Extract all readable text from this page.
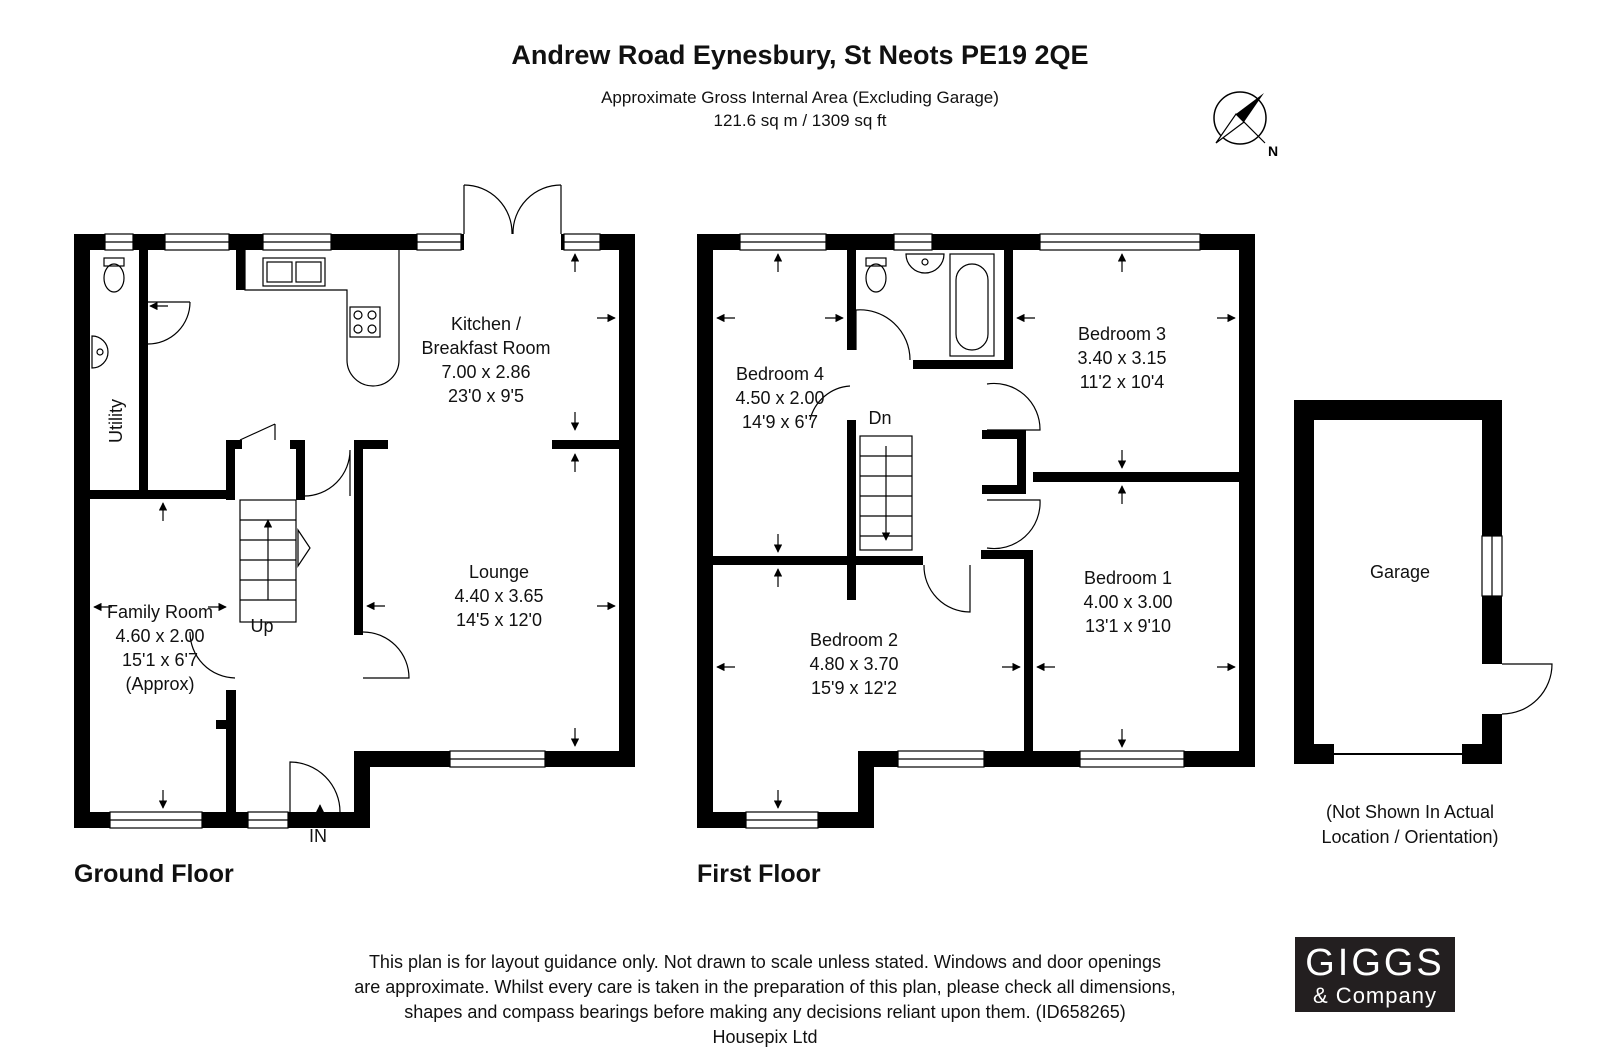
Andrew Road Eynesbury, St Neots PE19 2QE
Approximate Gross Internal Area (Excluding Garage)
121.6 sq m / 1309 sq ft
N
Kitchen /
Breakfast Room
7.00 x 2.86
23'0 x 9'5
Lounge
4.40 x 3.65
14'5 x 12'0
Family Room
4.60 x 2.00
15'1 x 6'7
(Approx)
Utility
Up
IN
Bedroom 4
4.50 x 2.00
14'9 x 6'7	Dn
Bedroom 3
3.40 x 3.15
11'2 x 10'4
Bedroom 2
4.80 x 3.70
15'9 x 12'2
Bedroom 1
4.00 x 3.00
13'1 x 9'10
Garage
(Not Shown In Actual
Location / Orientation)
Ground Floor	First Floor
This plan is for layout guidance only. Not drawn to scale unless stated. Windows and door openings
are approximate. Whilst every care is taken in the preparation of this plan, please check all dimensions,
shapes and compass bearings before making any decisions reliant upon them. (ID658265)
Housepix Ltd
GIGGS
& Company
